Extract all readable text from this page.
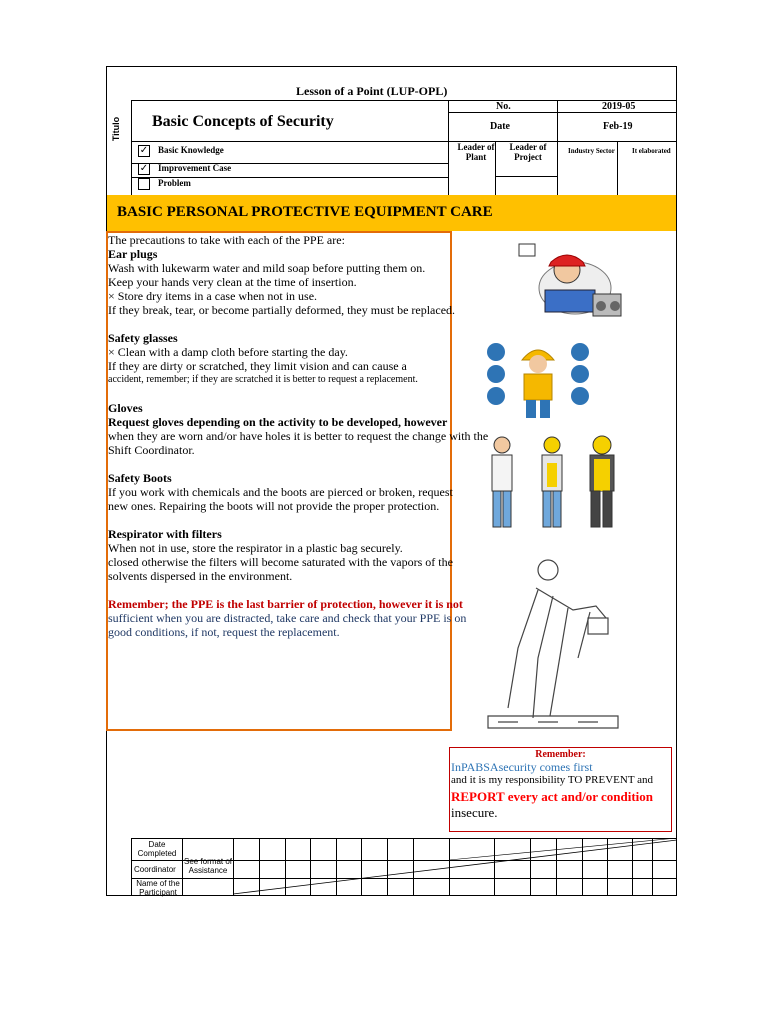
Lesson of a Point (LUP-OPL)
Titulo Basic Concepts of Security
No.	2019-05
Date	Feb-19
Leader of Plant
Leader of Project
Industry Sector It elaborated
✓ Basic Knowledge
✓ Improvement Case
Problem
BASIC PERSONAL PROTECTIVE EQUIPMENT CARE

The precautions to take with each of the PPE are:

Ear plugs

Wash with lukewarm water and mild soap before putting them on.

Keep your hands very clean at the time of insertion.

× Store dry items in a case when not in use.

If they break, tear, or become partially deformed, they must be replaced.

Safety glasses

× Clean with a damp cloth before starting the day.

If they are dirty or scratched, they limit vision and can cause a

accident, remember; if they are scratched it is better to request a replacement.

Gloves

Request gloves depending on the activity to be developed, however

when they are worn and/or have holes it is better to request the change with the

Shift Coordinator.

Safety Boots

If you work with chemicals and the boots are pierced or broken, request

new ones. Repairing the boots will not provide the proper protection.

Respirator with filters

When not in use, store the respirator in a plastic bag securely.

closed otherwise the filters will become saturated with the vapors of the

solvents dispersed in the environment.

Remember; the PPE is the last barrier of protection, however it is not

sufficient when you are distracted, take care and check that your PPE is on

good conditions, if not, request the replacement.

Remember:
InPABSAsecurity comes first
and it is my responsibility TO PREVENT and
REPORT every act and/or condition
insecure.
Date Completed
Coordinator
Name of the Participant
See format of Assistance
